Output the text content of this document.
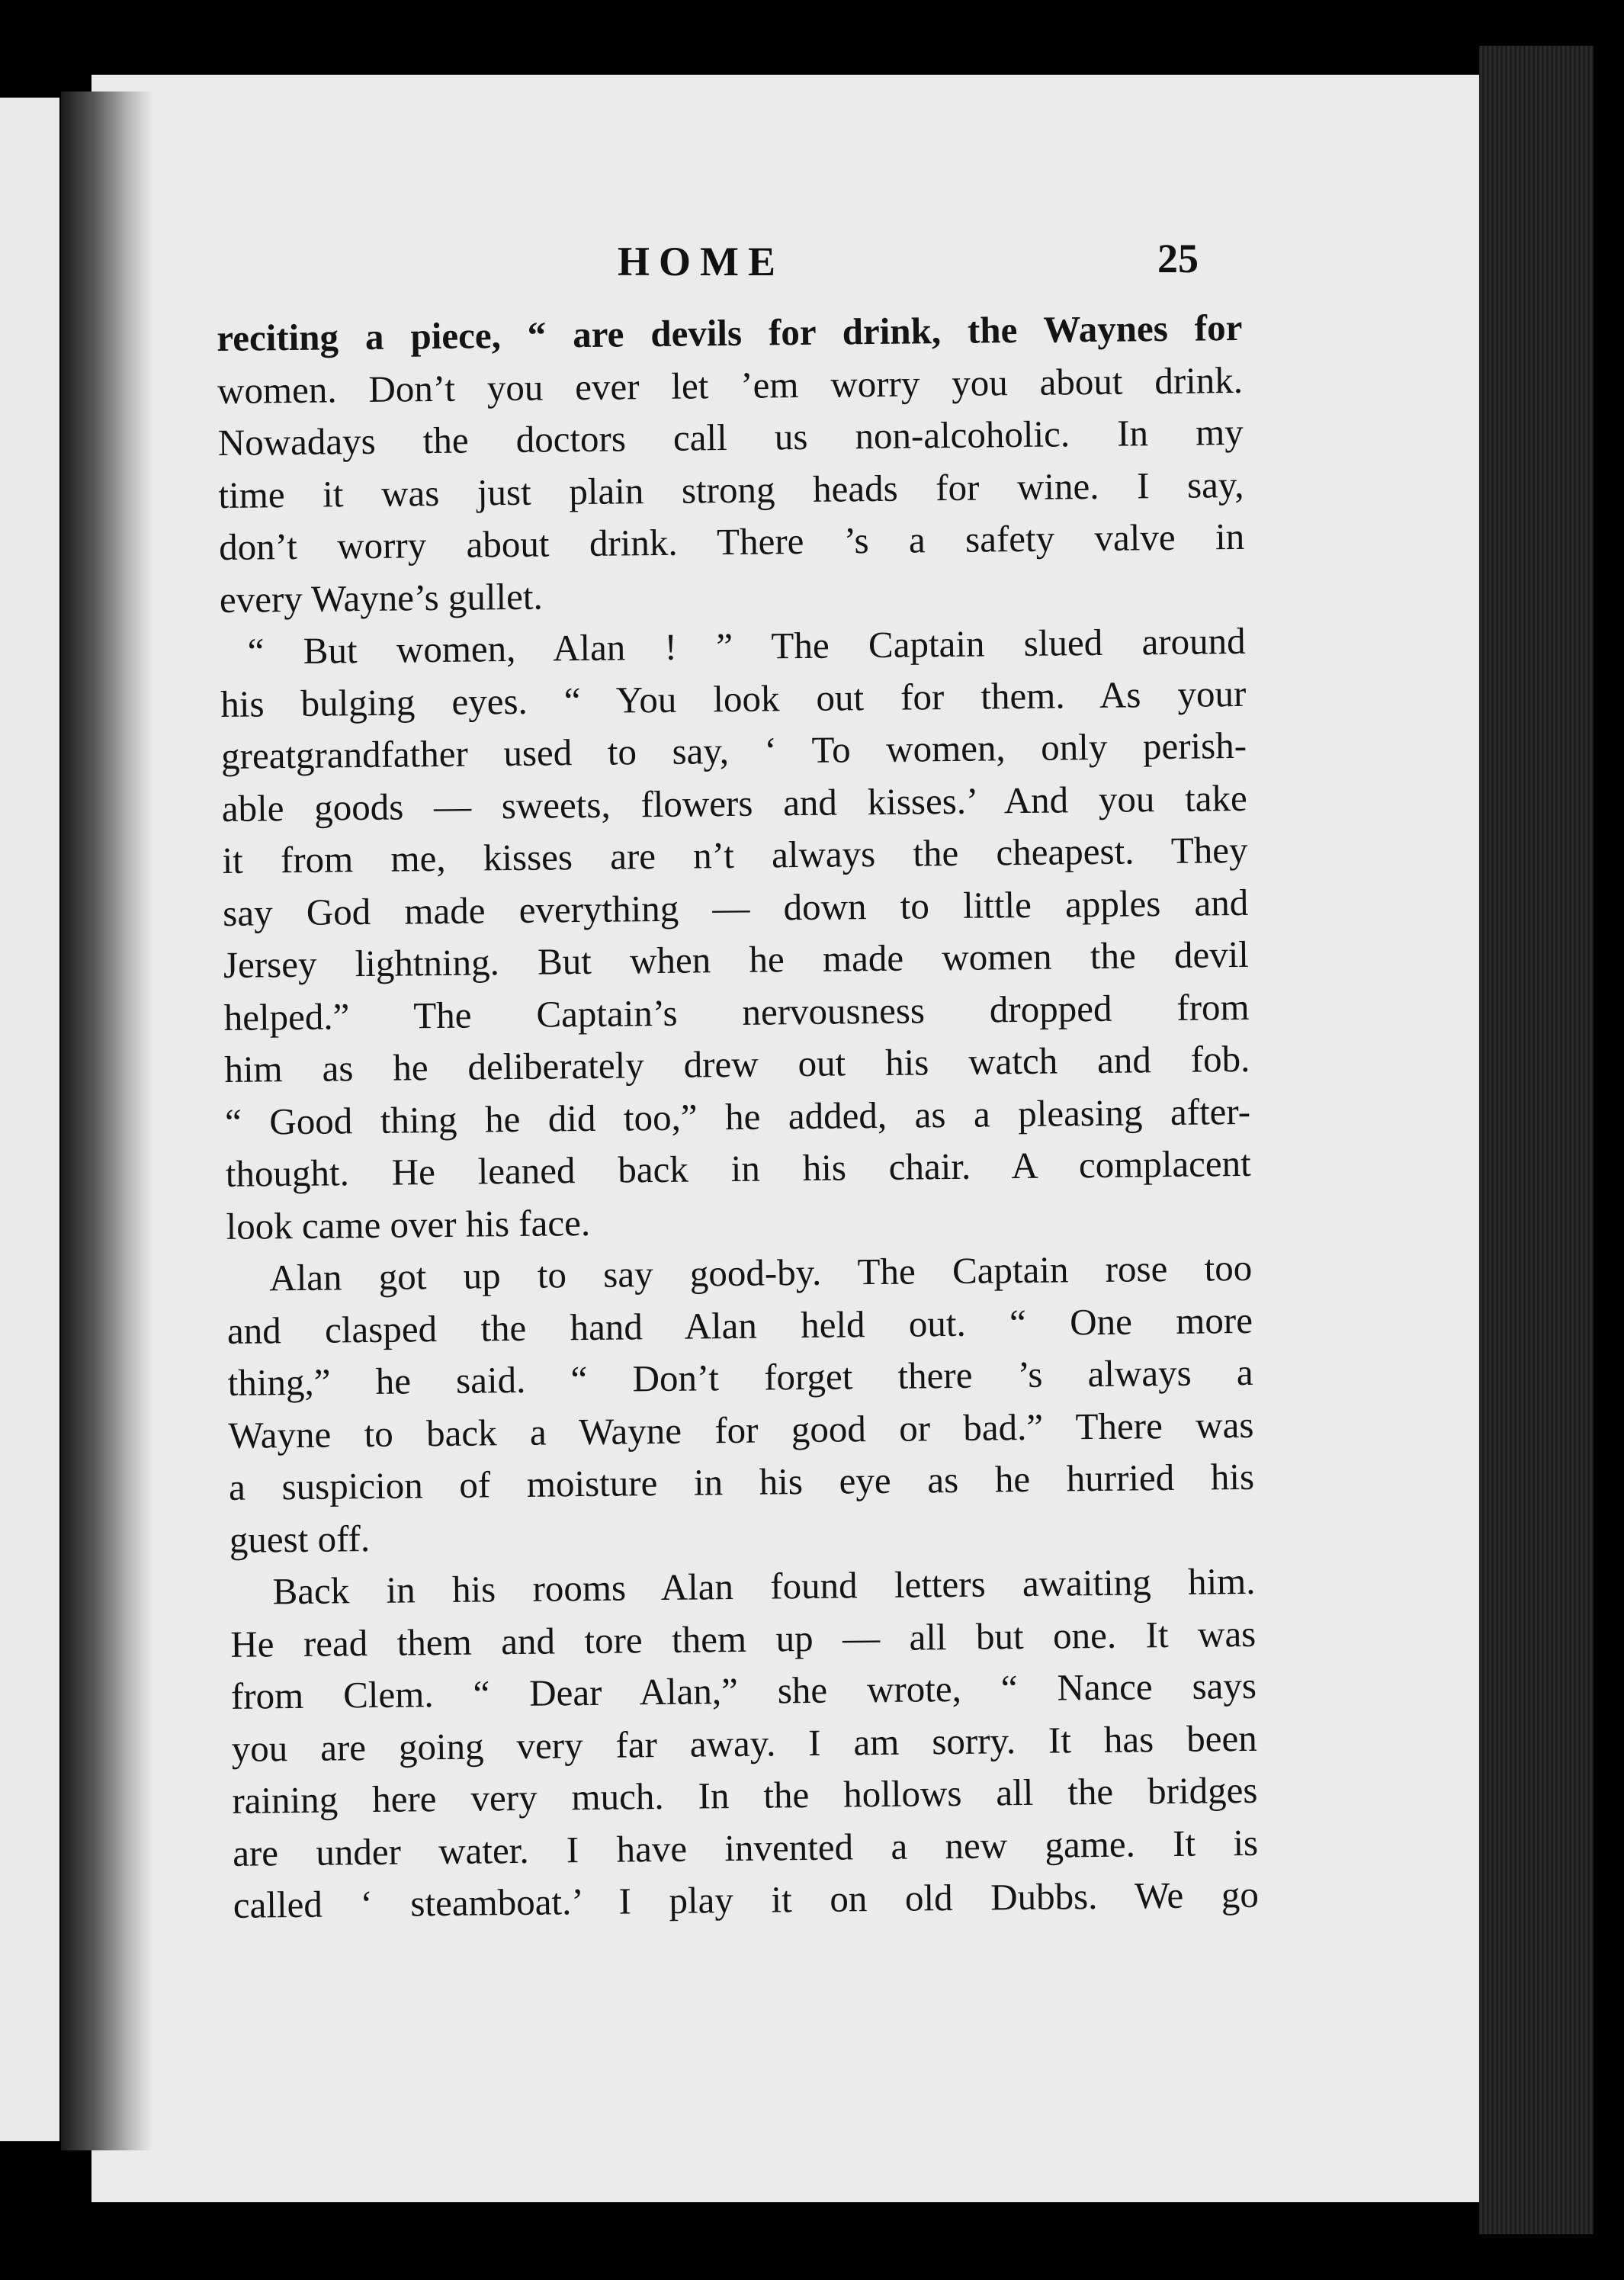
HOME	25
reciting a piece, “ are devils for drink, the Waynes for
women. Don’t you ever let ’em worry you about drink.
Nowadays the doctors call us non-alcoholic. In my
time it was just plain strong heads for wine. I say,
don’t worry about drink. There ’s a safety valve in
every Wayne’s gullet.
“ But women, Alan ! ” The Captain slued around
his bulging eyes. “ You look out for them. As your
greatgrandfather used to say, ‘ To women, only perish-
able goods — sweets, flowers and kisses.’ And you take
it from me, kisses are n’t always the cheapest. They
say God made everything — down to little apples and
Jersey lightning. But when he made women the devil
helped.” The Captain’s nervousness dropped from
him as he deliberately drew out his watch and fob.
“ Good thing he did too,” he added, as a pleasing after-
thought. He leaned back in his chair. A complacent
look came over his face.
Alan got up to say good-by. The Captain rose too
and clasped the hand Alan held out. “ One more
thing,” he said. “ Don’t forget there ’s always a
Wayne to back a Wayne for good or bad.” There was
a suspicion of moisture in his eye as he hurried his
guest off.
Back in his rooms Alan found letters awaiting him.
He read them and tore them up — all but one. It was
from Clem. “ Dear Alan,” she wrote, “ Nance says
you are going very far away. I am sorry. It has been
raining here very much. In the hollows all the bridges
are under water. I have invented a new game. It is
called ‘ steamboat.’ I play it on old Dubbs. We go
